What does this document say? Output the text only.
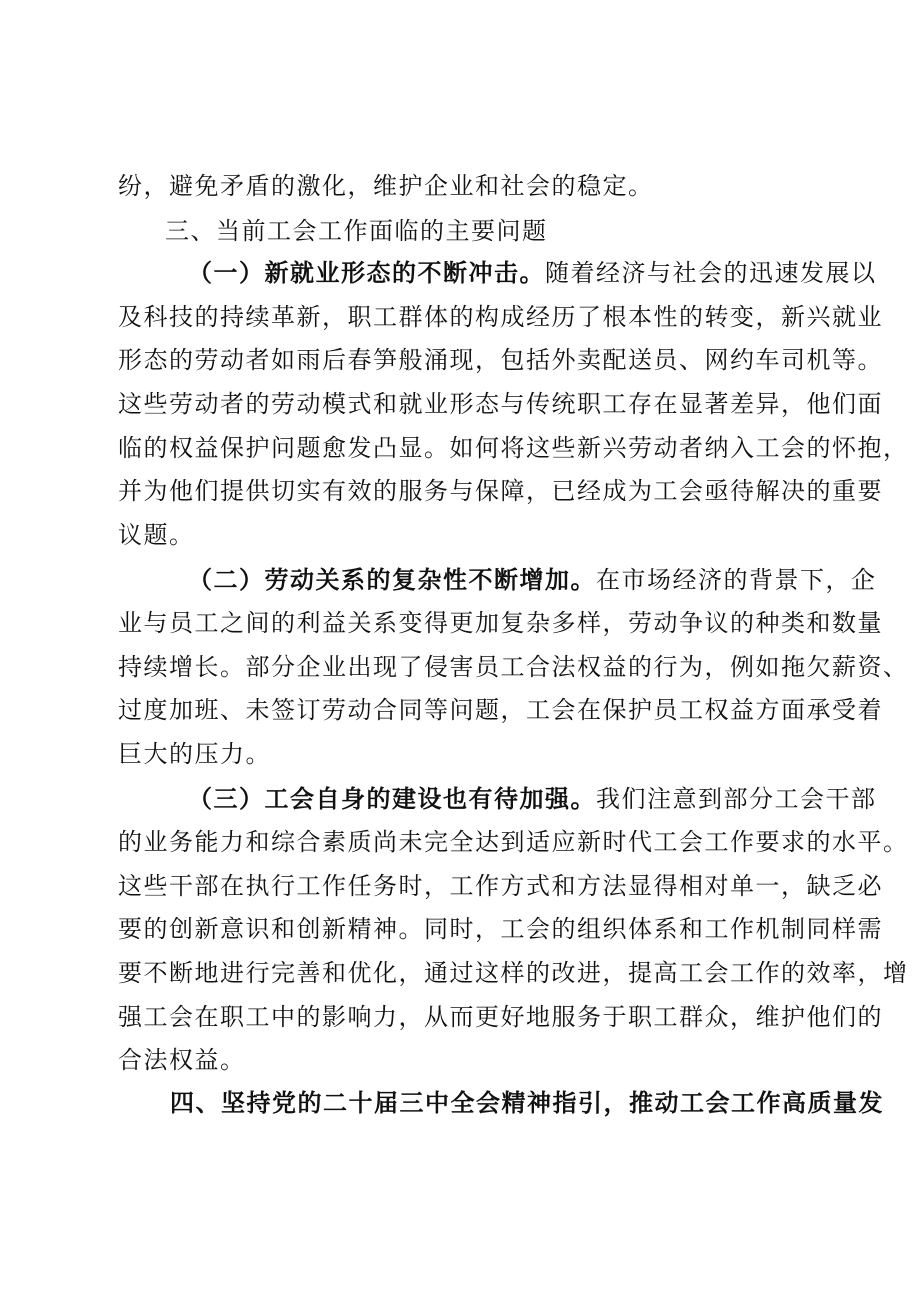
纷，避免矛盾的激化，维护企业和社会的稳定。
三、当前工会工作面临的主要问题
（一）新就业形态的不断冲击。随着经济与社会的迅速发展以
及科技的持续革新，职工群体的构成经历了根本性的转变，新兴就业
形态的劳动者如雨后春笋般涌现，包括外卖配送员、网约车司机等。
这些劳动者的劳动模式和就业形态与传统职工存在显著差异，他们面
临的权益保护问题愈发凸显。如何将这些新兴劳动者纳入工会的怀抱，
并为他们提供切实有效的服务与保障，已经成为工会亟待解决的重要
议题。
（二）劳动关系的复杂性不断增加。在市场经济的背景下，企
业与员工之间的利益关系变得更加复杂多样，劳动争议的种类和数量
持续增长。部分企业出现了侵害员工合法权益的行为，例如拖欠薪资、
过度加班、未签订劳动合同等问题，工会在保护员工权益方面承受着
巨大的压力。
（三）工会自身的建设也有待加强。我们注意到部分工会干部
的业务能力和综合素质尚未完全达到适应新时代工会工作要求的水平。
这些干部在执行工作任务时，工作方式和方法显得相对单一，缺乏必
要的创新意识和创新精神。同时，工会的组织体系和工作机制同样需
要不断地进行完善和优化，通过这样的改进，提高工会工作的效率，增
强工会在职工中的影响力，从而更好地服务于职工群众，维护他们的
合法权益。
四、坚持党的二十届三中全会精神指引，推动工会工作高质量发
